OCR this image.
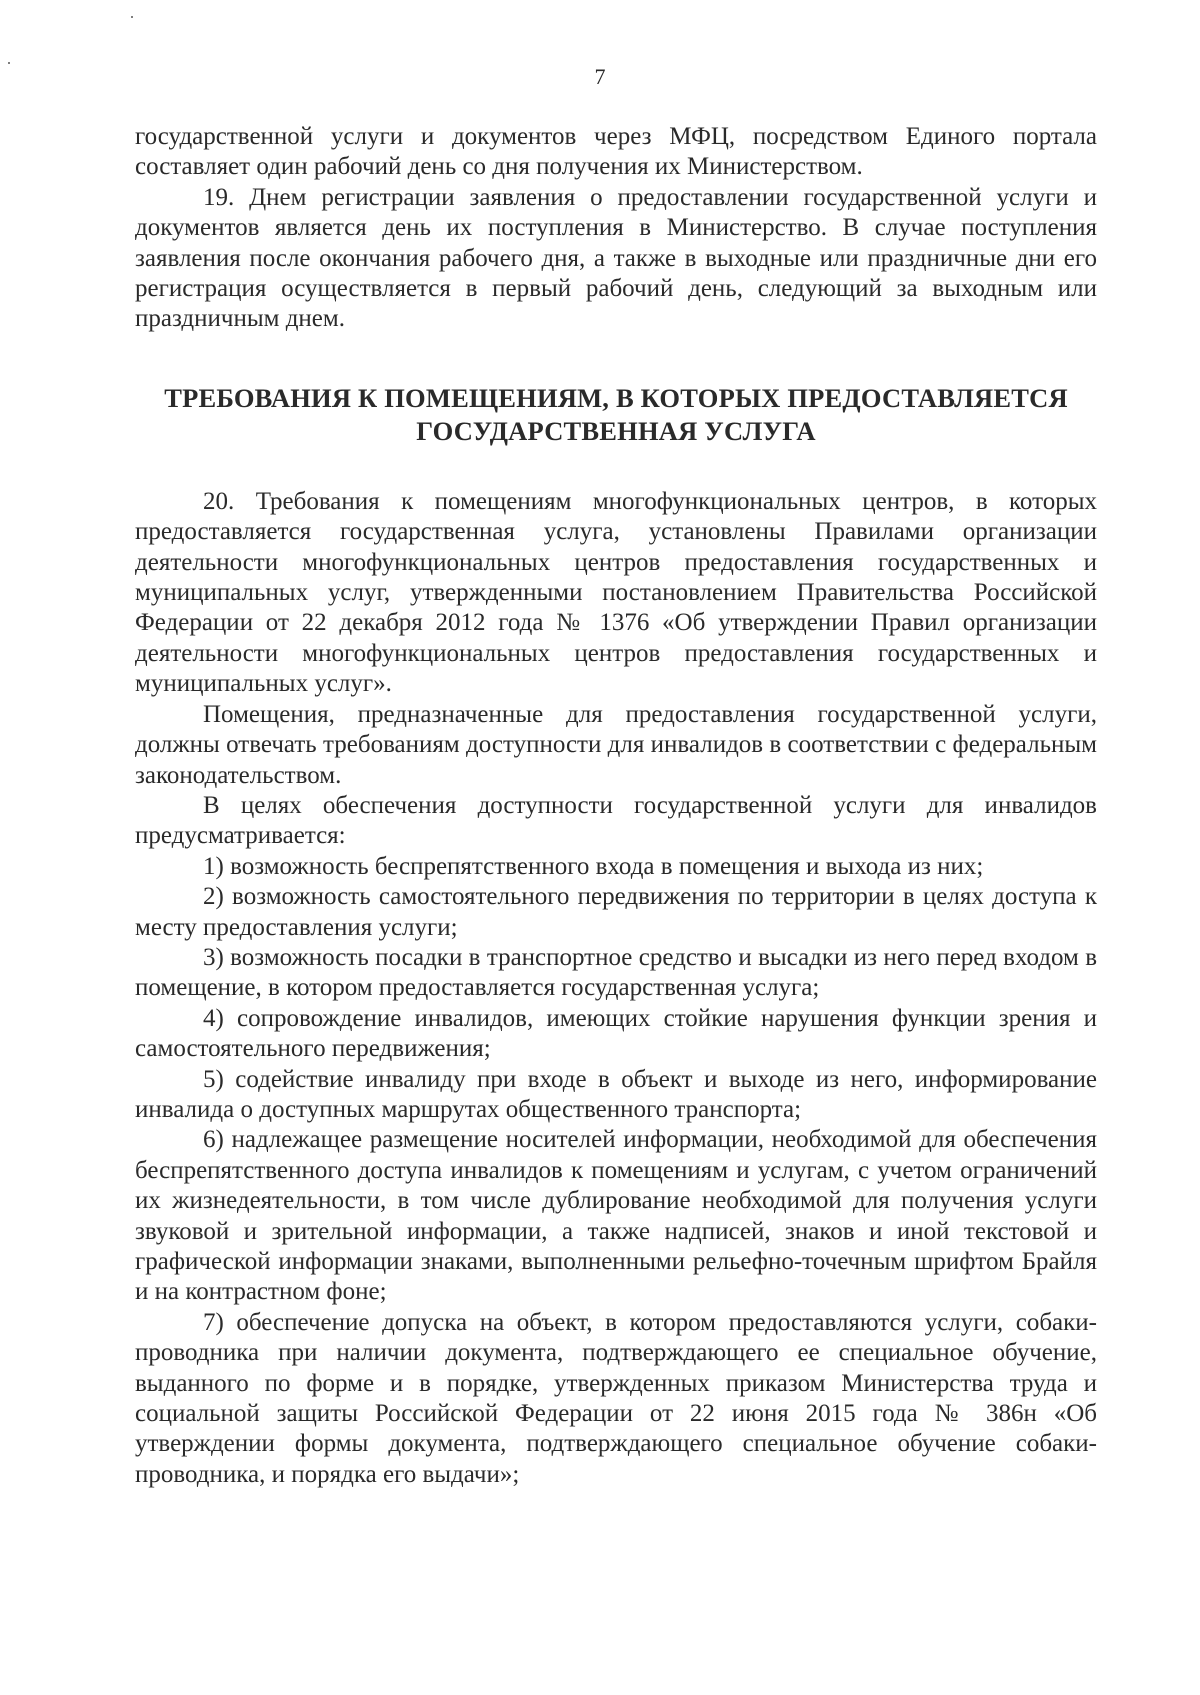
7

государственной услуги и документов через МФЦ, посредством Единого портала составляет один рабочий день со дня получения их Министерством.

19. Днем регистрации заявления о предоставлении государственной услуги и документов является день их поступления в Министерство. В случае поступления заявления после окончания рабочего дня, а также в выходные или праздничные дни его регистрация осуществляется в первый рабочий день, следующий за выходным или праздничным днем.

ТРЕБОВАНИЯ К ПОМЕЩЕНИЯМ, В КОТОРЫХ ПРЕДОСТАВЛЯЕТСЯ
ГОСУДАРСТВЕННАЯ УСЛУГА

20. Требования к помещениям многофункциональных центров, в которых предоставляется государственная услуга, установлены Правилами организации деятельности многофункциональных центров предоставления государственных и муниципальных услуг, утвержденными постановлением Правительства Российской Федерации от 22 декабря 2012 года № 1376 «Об утверждении Правил организации деятельности многофункциональных центров предоставления государственных и муниципальных услуг».

Помещения, предназначенные для предоставления государственной услуги, должны отвечать требованиям доступности для инвалидов в соответствии с федеральным законодательством.

В целях обеспечения доступности государственной услуги для инвалидов предусматривается:

1) возможность беспрепятственного входа в помещения и выхода из них;

2) возможность самостоятельного передвижения по территории в целях доступа к месту предоставления услуги;

3) возможность посадки в транспортное средство и высадки из него перед входом в помещение, в котором предоставляется государственная услуга;

4) сопровождение инвалидов, имеющих стойкие нарушения функции зрения и самостоятельного передвижения;

5) содействие инвалиду при входе в объект и выходе из него, информирование инвалида о доступных маршрутах общественного транспорта;

6) надлежащее размещение носителей информации, необходимой для обеспечения беспрепятственного доступа инвалидов к помещениям и услугам, с учетом ограничений их жизнедеятельности, в том числе дублирование необходимой для получения услуги звуковой и зрительной информации, а также надписей, знаков и иной текстовой и графической информации знаками, выполненными рельефно-точечным шрифтом Брайля и на контрастном фоне;

7) обеспечение допуска на объект, в котором предоставляются услуги, собаки-проводника при наличии документа, подтверждающего ее специальное обучение, выданного по форме и в порядке, утвержденных приказом Министерства труда и социальной защиты Российской Федерации от 22 июня 2015 года № 386н «Об утверждении формы документа, подтверждающего специальное обучение собаки-проводника, и порядка его выдачи»;
